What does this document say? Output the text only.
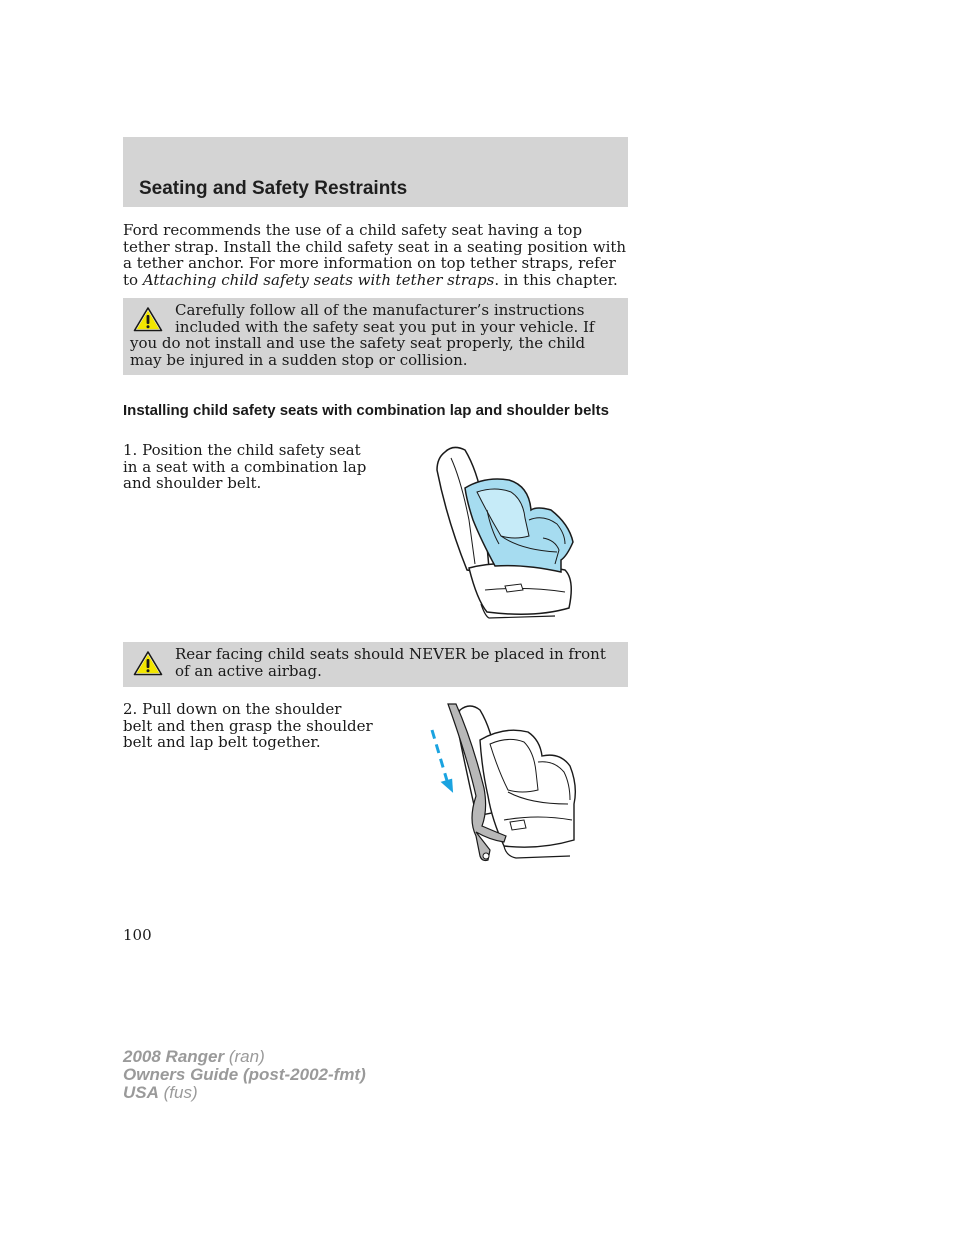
Seating and Safety Restraints

Ford recommends the use of a child safety seat having a top tether strap. Install the child safety seat in a seating position with a tether anchor. For more information on top tether straps, refer to Attaching child safety seats with tether straps. in this chapter.

Carefully follow all of the manufacturer’s instructions included with the safety seat you put in your vehicle. If you do not install and use the safety seat properly, the child may be injured in a sudden stop or collision.

Installing child safety seats with combination lap and shoulder belts

1. Position the child safety seat in a seat with a combination lap and shoulder belt.

Rear facing child seats should NEVER be placed in front of an active airbag.

2. Pull down on the shoulder belt and then grasp the shoulder belt and lap belt together.

100

2008 Ranger (ran)
Owners Guide (post-2002-fmt)
USA (fus)
